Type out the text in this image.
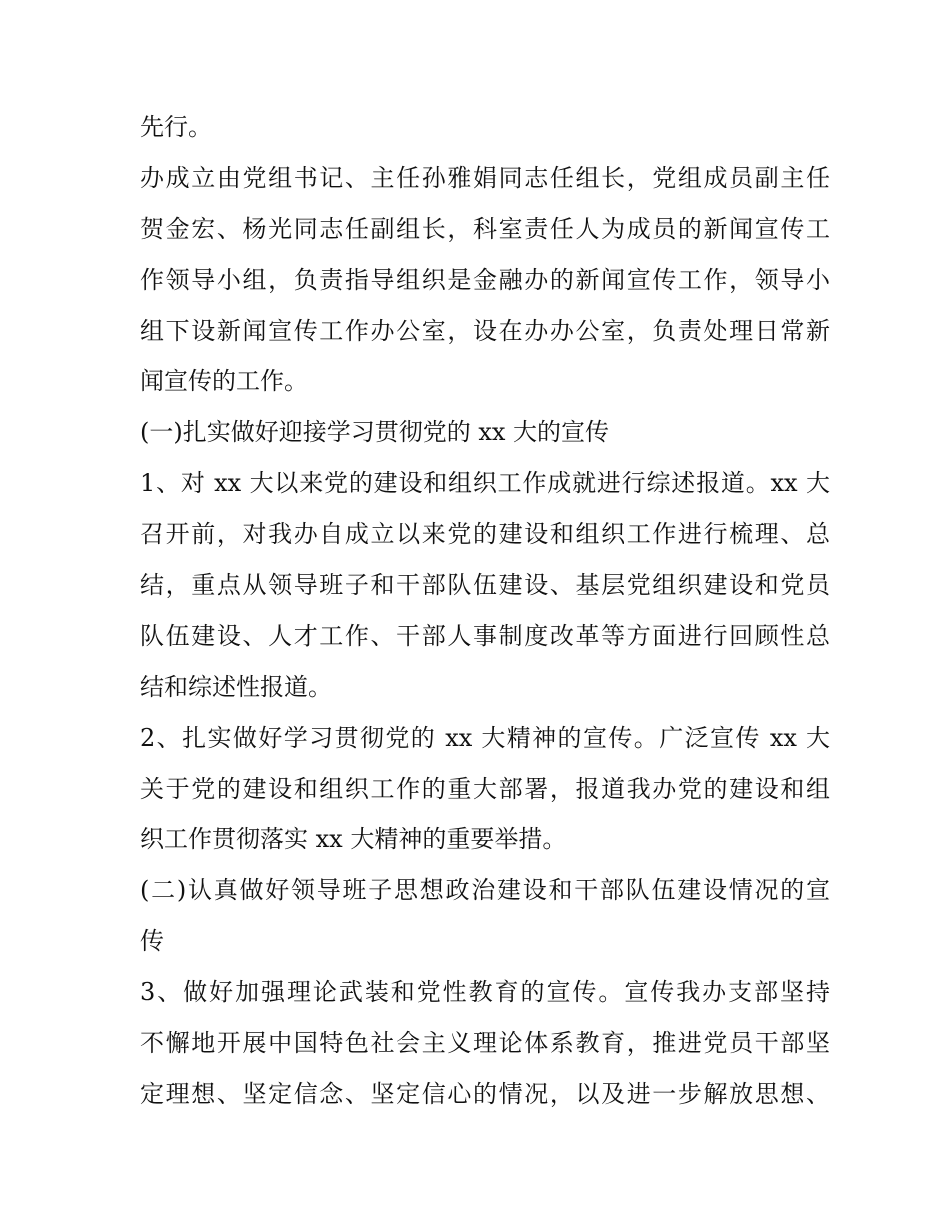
先行。
办成立由党组书记、主任孙雅娟同志任组长，党组成员副主任
贺金宏、杨光同志任副组长，科室责任人为成员的新闻宣传工
作领导小组，负责指导组织是金融办的新闻宣传工作，领导小
组下设新闻宣传工作办公室，设在办办公室，负责处理日常新
闻宣传的工作。
(一)扎实做好迎接学习贯彻党的 xx 大的宣传
1、对 xx 大以来党的建设和组织工作成就进行综述报道。xx 大
召开前，对我办自成立以来党的建设和组织工作进行梳理、总
结，重点从领导班子和干部队伍建设、基层党组织建设和党员
队伍建设、人才工作、干部人事制度改革等方面进行回顾性总
结和综述性报道。
2、扎实做好学习贯彻党的 xx 大精神的宣传。广泛宣传 xx 大
关于党的建设和组织工作的重大部署，报道我办党的建设和组
织工作贯彻落实 xx 大精神的重要举措。
(二)认真做好领导班子思想政治建设和干部队伍建设情况的宣
传
3、做好加强理论武装和党性教育的宣传。宣传我办支部坚持
不懈地开展中国特色社会主义理论体系教育，推进党员干部坚
定理想、坚定信念、坚定信心的情况，以及进一步解放思想、
